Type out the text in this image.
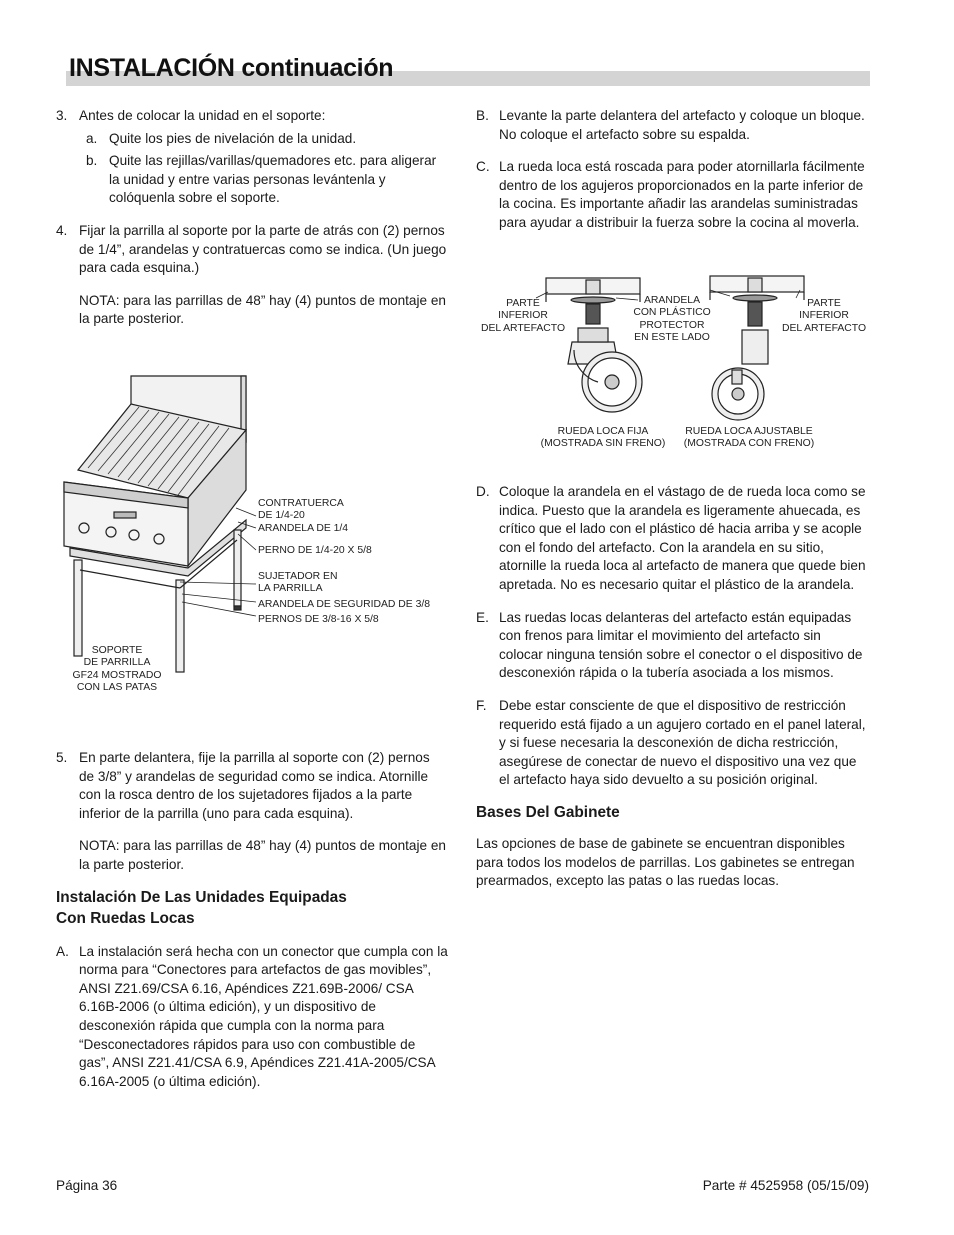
INSTALACIÓN continuación
3. Antes de colocar la unidad en el soporte:
a. Quite los pies de nivelación de la unidad.
b. Quite las rejillas/varillas/quemadores etc. para aligerar la unidad y entre varias personas levántenla y colóquenla sobre el soporte.
4. Fijar la parrilla al soporte por la parte de atrás con (2) pernos de 1/4”, arandelas y contratuercas como se indica. (Un juego para cada esquina.)

NOTA: para las parrillas de 48” hay (4) puntos de montaje en la parte posterior.

CONTRATUERCA
DE 1/4-20
ARANDELA DE 1/4
PERNO DE 1/4-20 X 5/8
SUJETADOR EN
LA PARRILLA
ARANDELA DE SEGURIDAD DE 3/8
PERNOS DE 3/8-16 X 5/8
SOPORTE
DE PARRILLA
GF24 MOSTRADO
CON LAS PATAS
5. En parte delantera, fije la parrilla al soporte con (2) pernos de 3/8” y arandelas de seguridad como se indica. Atornille con la rosca dentro de los sujetadores fijados a la parte inferior de la parrilla (uno para cada esquina).

NOTA: para las parrillas de 48” hay (4) puntos de montaje en la parte posterior.

Instalación De Las Unidades Equipadas
Con Ruedas Locas
A. La instalación será hecha con un conector que cumpla con la norma para “Conectores para artefactos de gas movibles”, ANSI Z21.69/CSA 6.16, Apéndices Z21.69B-2006/ CSA 6.16B-2006 (o última edición), y un dispositivo de desconexión rápida que cumpla con la norma para “Desconectadores rápidos para uso con combustible de gas”, ANSI Z21.41/CSA 6.9, Apéndices Z21.41A-2005/CSA 6.16A-2005 (o última edición).
B. Levante la parte delantera del artefacto y coloque un bloque. No coloque el artefacto sobre su espalda.
C. La rueda loca está roscada para poder atornillarla fácilmente dentro de los agujeros proporcionados en la parte inferior de la cocina. Es importante añadir las arandelas suministradas para ayudar a distribuir la fuerza sobre la cocina al moverla.
PARTE
INFERIOR
DEL ARTEFACTO
ARANDELA
CON PLÁSTICO
PROTECTOR
EN ESTE LADO
PARTE
INFERIOR
DEL ARTEFACTO
RUEDA LOCA FIJA
(MOSTRADA SIN FRENO)
RUEDA LOCA AJUSTABLE
(MOSTRADA CON FRENO)
D. Coloque la arandela en el vástago de de rueda loca como se indica. Puesto que la arandela es ligeramente ahuecada, es crítico que el lado con el plástico dé hacia arriba y se acople con el fondo del artefacto. Con la arandela en su sitio, atornille la rueda loca al artefacto de manera que quede bien apretada. No es necesario quitar el plástico de la arandela.
E. Las ruedas locas delanteras del artefacto están equipadas con frenos para limitar el movimiento del artefacto sin colocar ninguna tensión sobre el conector o el dispositivo de desconexión rápida o la tubería asociada a los mismos.
F. Debe estar consciente de que el dispositivo de restricción requerido está fijado a un agujero cortado en el panel lateral, y si fuese necesaria la desconexión de dicha restricción, asegúrese de conectar de nuevo el dispositivo una vez que el artefacto haya sido devuelto a su posición original.
Bases Del Gabinete

Las opciones de base de gabinete se encuentran disponibles para todos los modelos de parrillas. Los gabinetes se entregan prearmados, excepto las patas o las ruedas locas.

Página 36	Parte # 4525958 (05/15/09)
